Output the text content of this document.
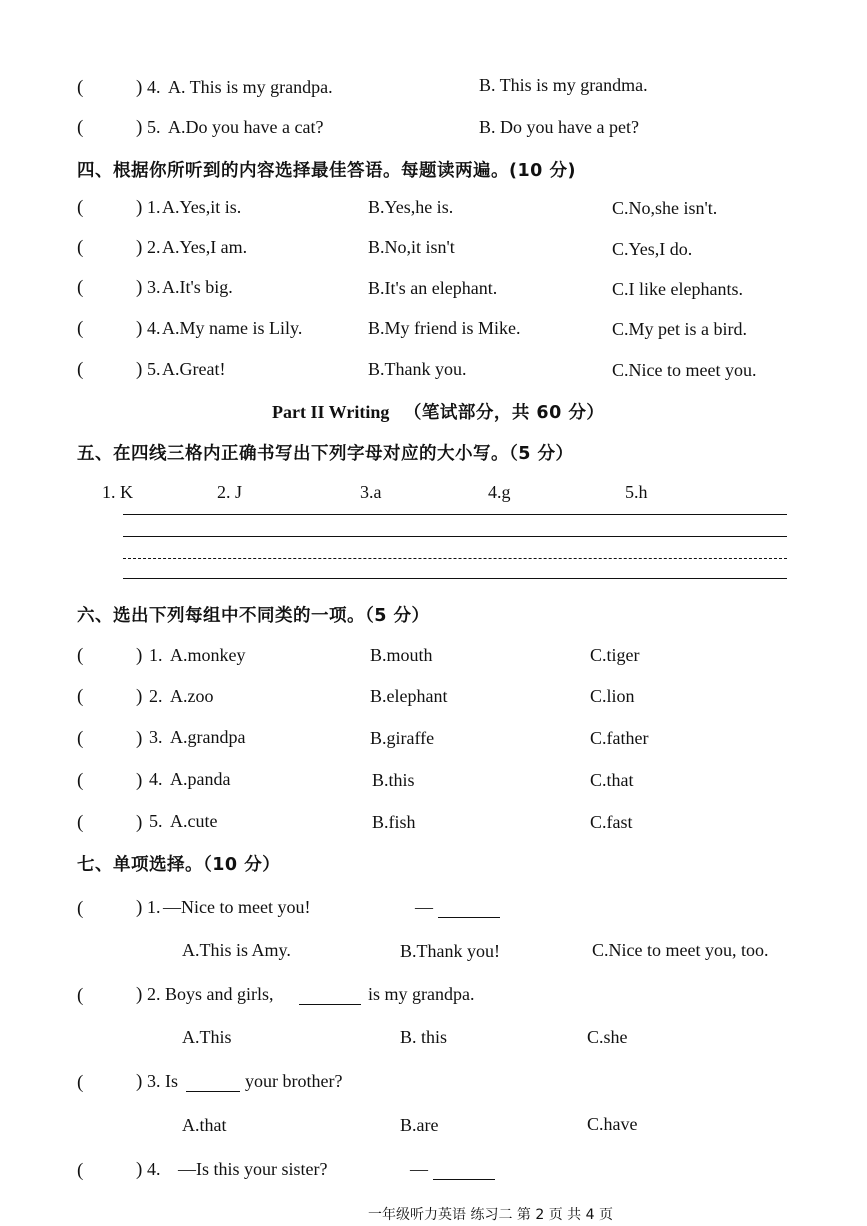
(	) 4. A. This is my grandpa.	B. This is my grandma.
(	) 5. A.Do you have a cat?	B. Do you have a pet?
四、根据你所听到的内容选择最佳答语。每题读两遍。(10 分)
(	) 1. A.Yes,it is.	B.Yes,he is.	C.No,she isn't.
(	) 2. A.Yes,I am.	B.No,it isn't	C.Yes,I do.
(	) 3. A.It's big.	B.It's an elephant.	C.I like elephants.
(	) 4. A.My name is Lily.	B.My friend is Mike.	C.My pet is a bird.
(	) 5. A.Great!	B.Thank you.	C.Nice to meet you.
Part II Writing （笔试部分，共 60 分）
五、在四线三格内正确书写出下列字母对应的大小写。（5 分）
1. K	2. J	3.a	4.g	5.h
六、选出下列每组中不同类的一项。（5 分）
(	) 1. A.monkey	B.mouth	C.tiger
(	) 2. A.zoo	B.elephant	C.lion
(	) 3. A.grandpa	B.giraffe	C.father
(	) 4. A.panda	B.this	C.that
(	) 5. A.cute	B.fish	C.fast
七、单项选择。（10 分）
(	) 1. —Nice to meet you!	—
A.This is Amy.	B.Thank you!	C.Nice to meet you, too.
(	) 2. Boys and girls,	is my grandpa.
A.This	B. this	C.she
(	) 3. Is	your brother?
A.that	B.are	C.have
(	) 4. —Is this your sister?	—
一年级听力英语 练习二 第 2 页 共 4 页
